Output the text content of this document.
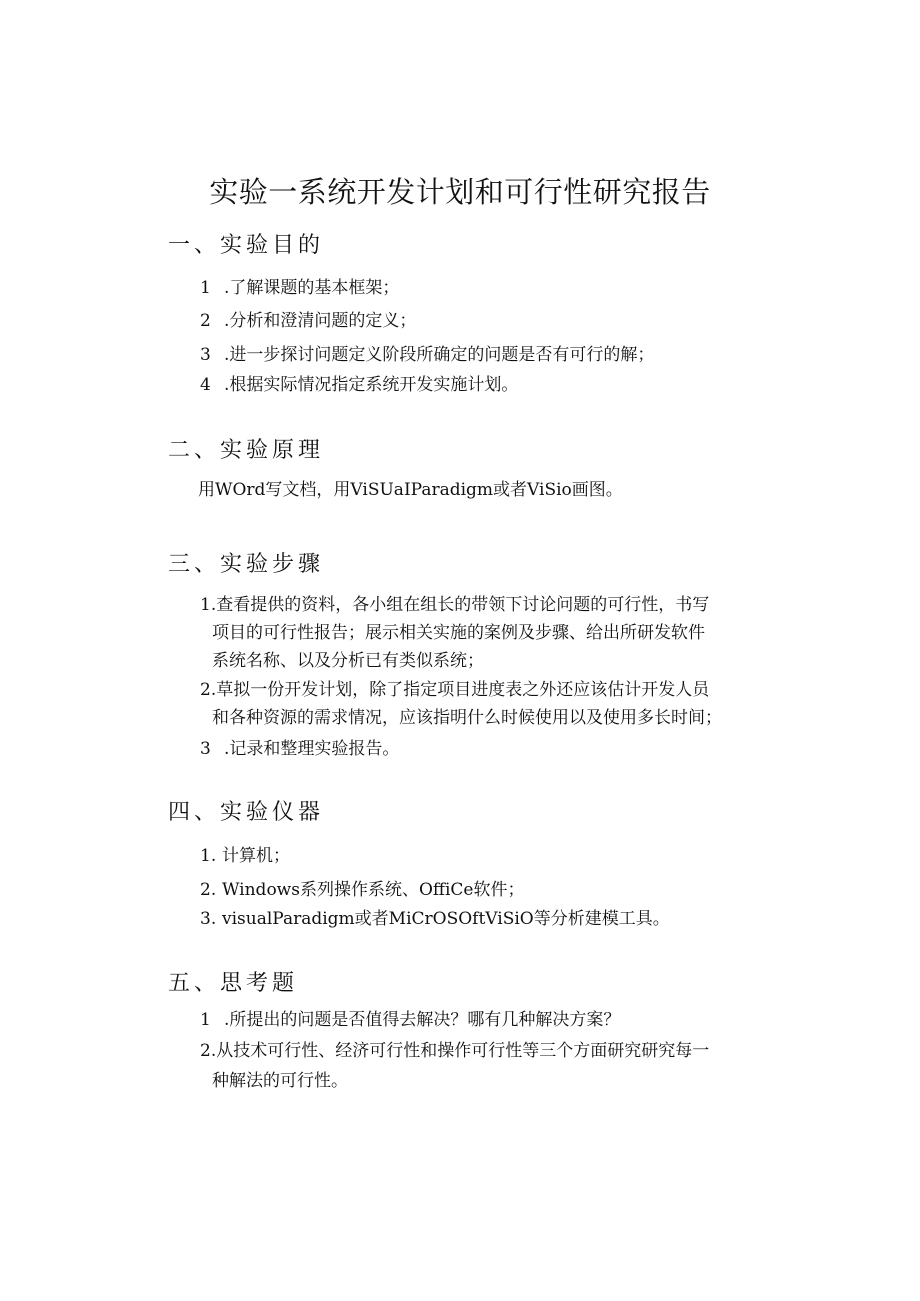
实验一系统开发计划和可行性研究报告
一、实验目的
1 .了解课题的基本框架；
2 .分析和澄清问题的定义；
3 .进一步探讨问题定义阶段所确定的问题是否有可行的解；
4 .根据实际情况指定系统开发实施计划。
二、实验原理
用WOrd写文档，用ViSUaIParadigm或者ViSio画图。
三、实验步骤
1.查看提供的资料，各小组在组长的带领下讨论问题的可行性，书写
项目的可行性报告；展示相关实施的案例及步骤、给出所研发软件
系统名称、以及分析已有类似系统；
2.草拟一份开发计划，除了指定项目进度表之外还应该估计开发人员
和各种资源的需求情况，应该指明什么时候使用以及使用多长时间；
3 .记录和整理实验报告。
四、实验仪器
1. 计算机；
2. Windows系列操作系统、OffiCe软件；
3. visualParadigm或者MiCrOSOftViSiO等分析建模工具。
五、思考题
1 .所提出的问题是否值得去解决？哪有几种解决方案？
2.从技术可行性、经济可行性和操作可行性等三个方面研究研究每一
种解法的可行性。
